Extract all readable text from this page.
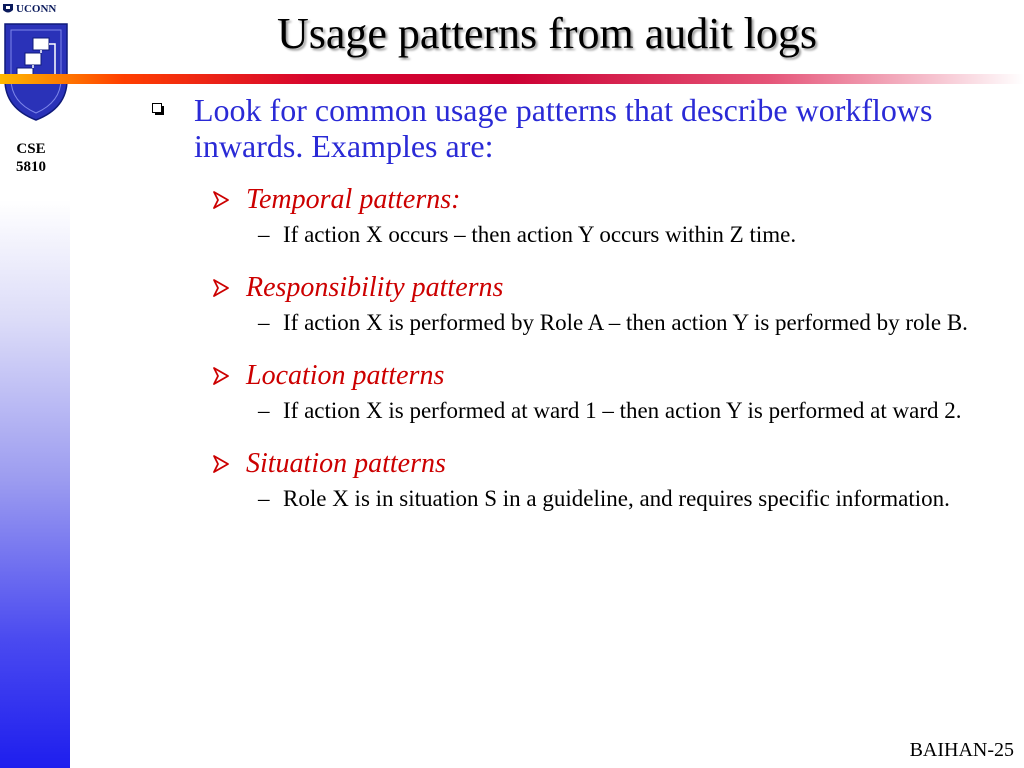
UCONN
CSE
5810
Usage patterns from audit logs
Look for common usage patterns that describe workflows inwards. Examples are:
Temporal patterns:
– If action X occurs – then action Y occurs within Z time.
Responsibility patterns
– If action X is performed by Role A – then action Y is performed by role B.
Location patterns
– If action X is performed at ward 1 – then action Y is performed at ward 2.
Situation patterns
– Role X is in situation S in a guideline, and requires specific information.
BAIHAN-25
